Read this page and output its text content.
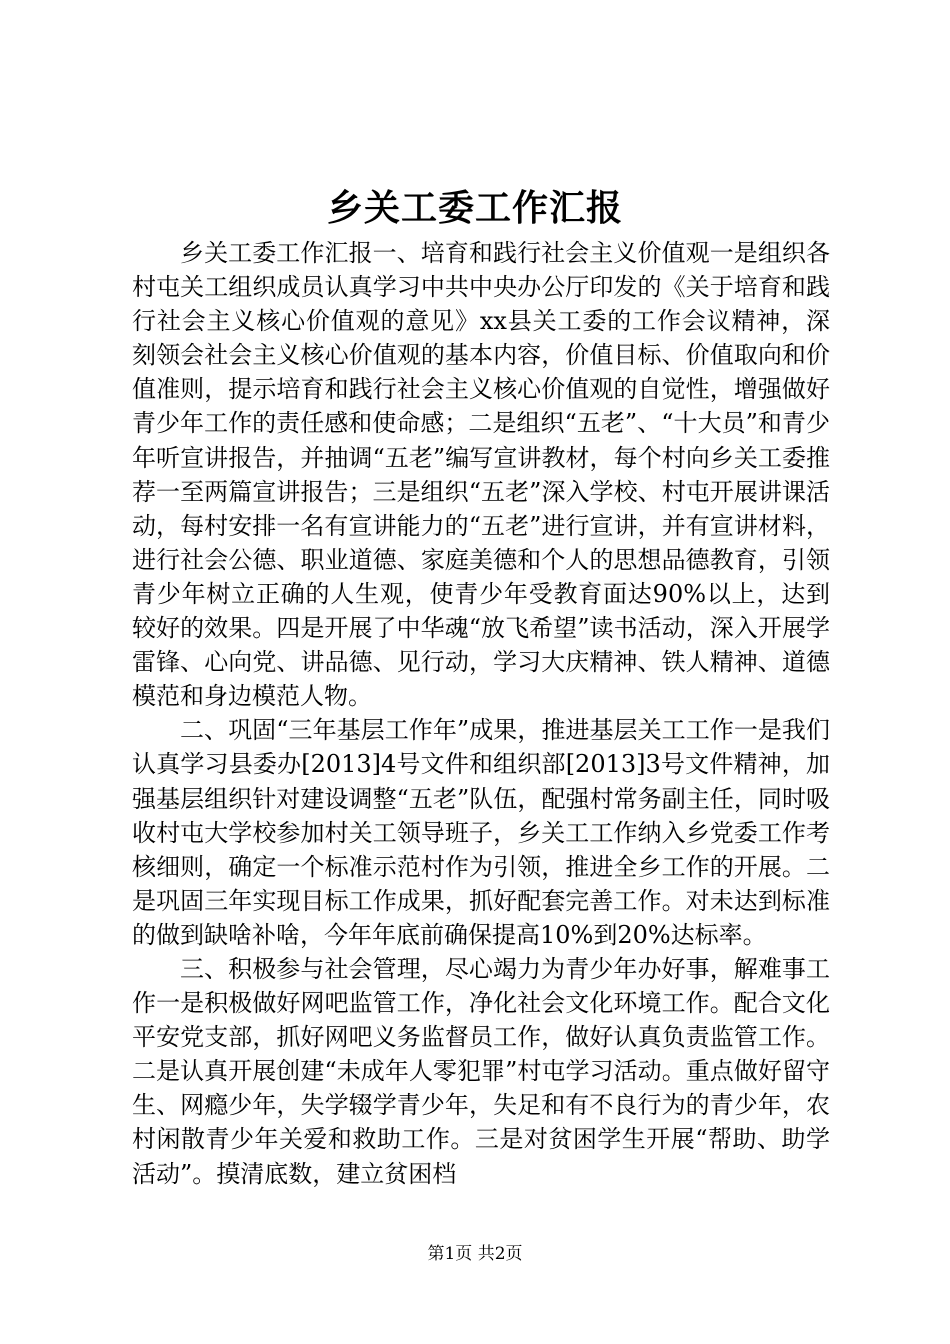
乡关工委工作汇报

乡关工委工作汇报一、培育和践行社会主义价值观一是组织各村屯关工组织成员认真学习中共中央办公厅印发的《关于培育和践行社会主义核心价值观的意见》xx县关工委的工作会议精神，深刻领会社会主义核心价值观的基本内容，价值目标、价值取向和价值准则，提示培育和践行社会主义核心价值观的自觉性，增强做好青少年工作的责任感和使命感；二是组织“五老”、“十大员”和青少年听宣讲报告，并抽调“五老”编写宣讲教材，每个村向乡关工委推荐一至两篇宣讲报告；三是组织“五老”深入学校、村屯开展讲课活动，每村安排一名有宣讲能力的“五老”进行宣讲，并有宣讲材料，进行社会公德、职业道德、家庭美德和个人的思想品德教育，引领青少年树立正确的人生观，使青少年受教育面达90%以上，达到较好的效果。四是开展了中华魂“放飞希望”读书活动，深入开展学雷锋、心向党、讲品德、见行动，学习大庆精神、铁人精神、道德模范和身边模范人物。

二、巩固“三年基层工作年”成果，推进基层关工工作一是我们认真学习县委办[2013]4号文件和组织部[2013]3号文件精神，加强基层组织针对建设调整“五老”队伍，配强村常务副主任，同时吸收村屯大学校参加村关工领导班子，乡关工工作纳入乡党委工作考核细则，确定一个标准示范村作为引领，推进全乡工作的开展。二是巩固三年实现目标工作成果，抓好配套完善工作。对未达到标准的做到缺啥补啥，今年年底前确保提高10%到20%达标率。

三、积极参与社会管理，尽心竭力为青少年办好事，解难事工作一是积极做好网吧监管工作，净化社会文化环境工作。配合文化平安党支部，抓好网吧义务监督员工作，做好认真负责监管工作。二是认真开展创建“未成年人零犯罪”村屯学习活动。重点做好留守生、网瘾少年，失学辍学青少年，失足和有不良行为的青少年，农村闲散青少年关爱和救助工作。三是对贫困学生开展“帮助、助学活动”。摸清底数，建立贫困档

第1页 共2页
